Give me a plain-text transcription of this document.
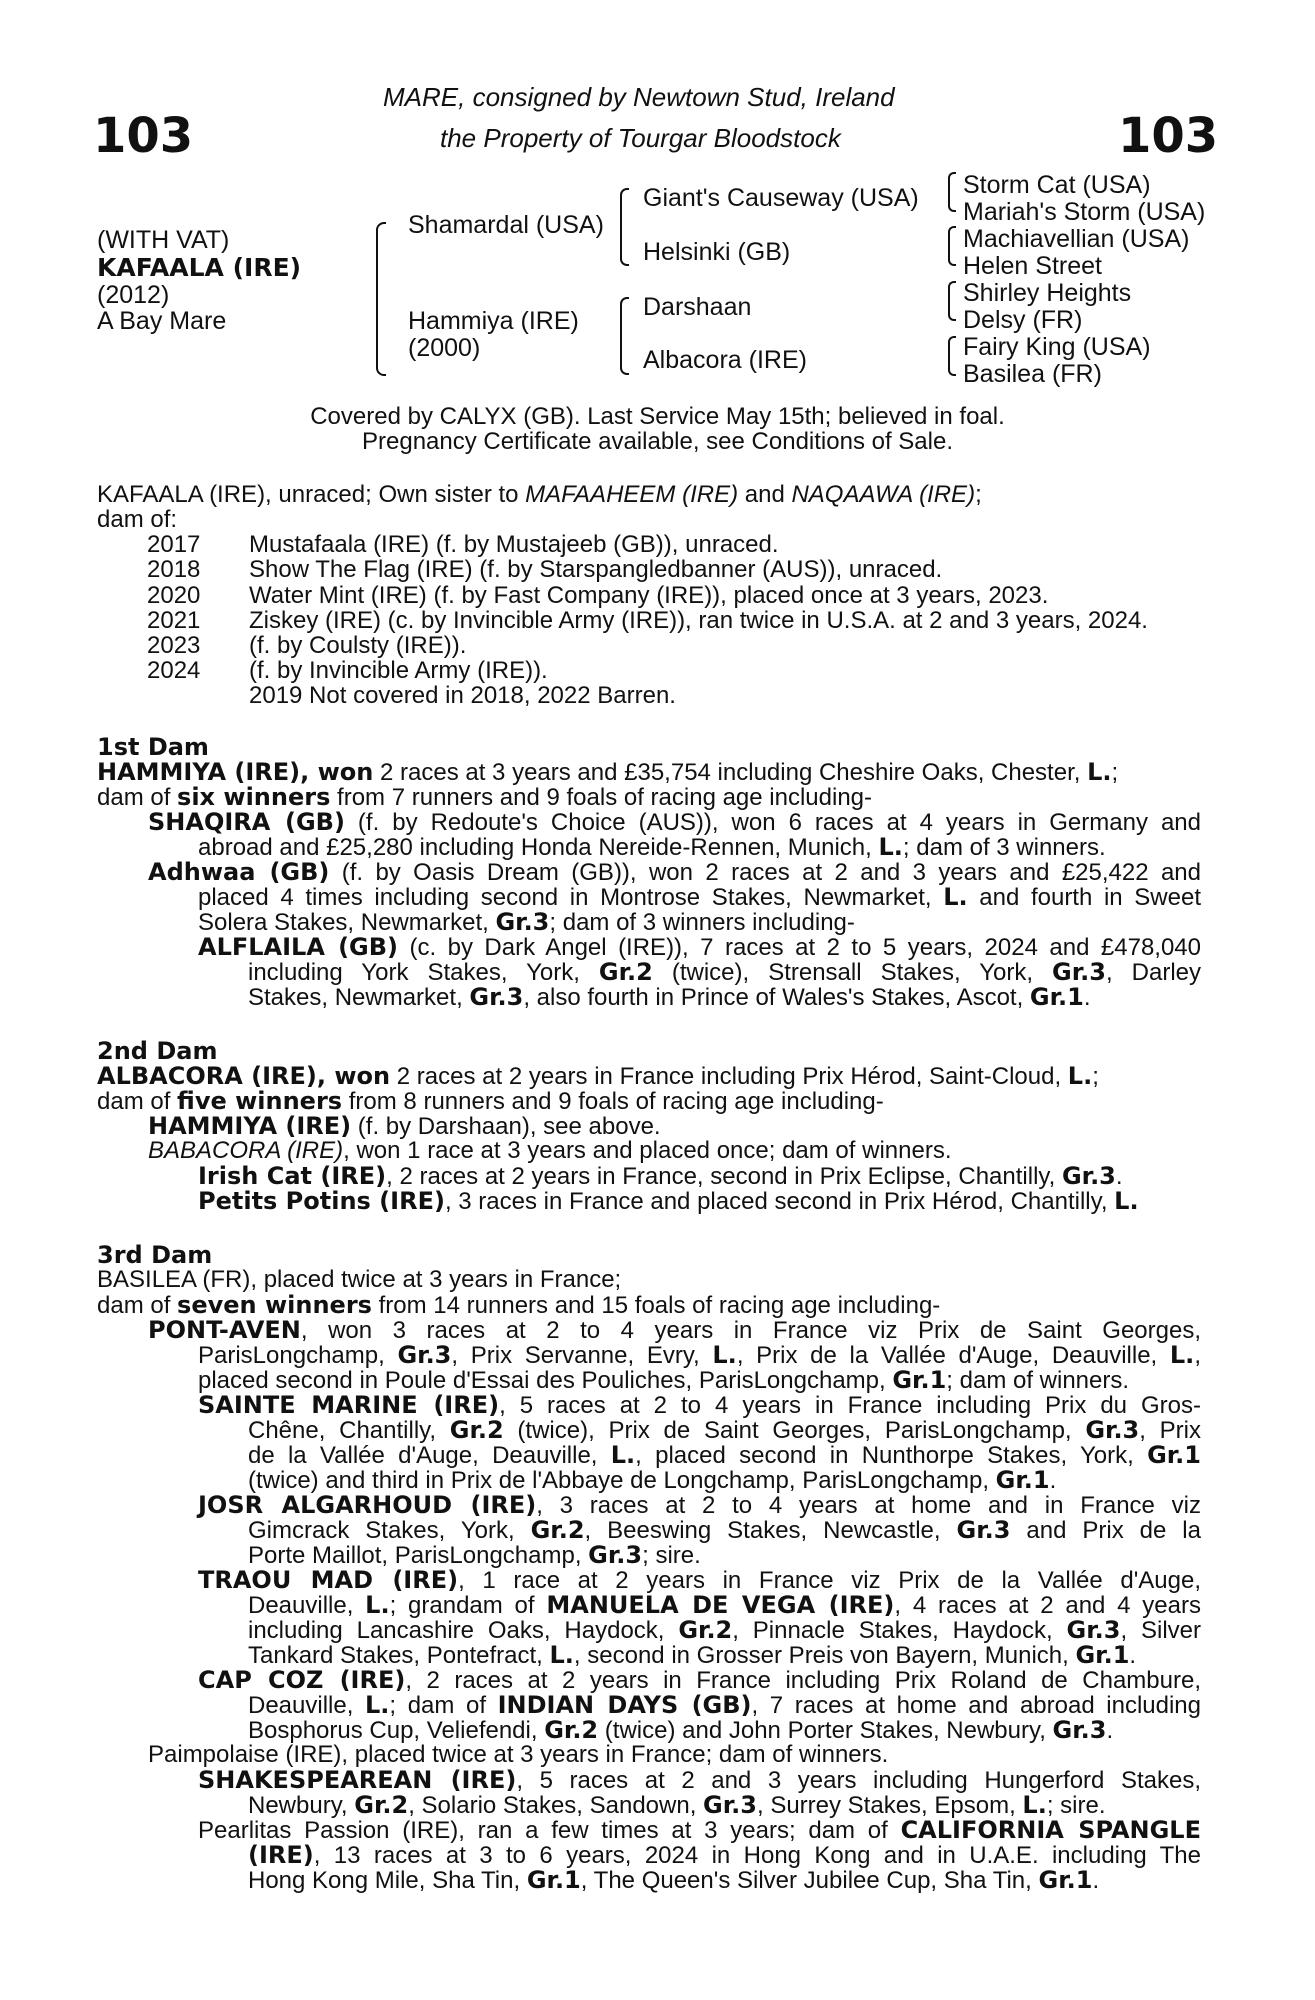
103	103
MARE, consigned by Newtown Stud, Ireland
the Property of Tourgar Bloodstock
(WITH VAT)
KAFAALA (IRE)
(2012)
A Bay Mare
Shamardal (USA)
Hammiya (IRE)
(2000)
Giant's Causeway (USA)
Helsinki (GB)
Darshaan
Albacora (IRE)
Storm Cat (USA)
Mariah's Storm (USA)
Machiavellian (USA)
Helen Street
Shirley Heights
Delsy (FR)
Fairy King (USA)
Basilea (FR)
Covered by CALYX (GB). Last Service May 15th; believed in foal.
Pregnancy Certificate available, see Conditions of Sale.
KAFAALA (IRE), unraced; Own sister to MAFAAHEEM (IRE) and NAQAAWA (IRE);
dam of:
2017 Mustafaala (IRE) (f. by Mustajeeb (GB)), unraced.
2018 Show The Flag (IRE) (f. by Starspangledbanner (AUS)), unraced.
2020 Water Mint (IRE) (f. by Fast Company (IRE)), placed once at 3 years, 2023.
2021 Ziskey (IRE) (c. by Invincible Army (IRE)), ran twice in U.S.A. at 2 and 3 years, 2024.
2023 (f. by Coulsty (IRE)).
2024 (f. by Invincible Army (IRE)).
2019 Not covered in 2018, 2022 Barren.
1st Dam
HAMMIYA (IRE), won 2 races at 3 years and £35,754 including Cheshire Oaks, Chester, L.;
dam of six winners from 7 runners and 9 foals of racing age including-
SHAQIRA (GB) (f. by Redoute's Choice (AUS)), won 6 races at 4 years in Germany and
abroad and £25,280 including Honda Nereide-Rennen, Munich, L.; dam of 3 winners.
Adhwaa (GB) (f. by Oasis Dream (GB)), won 2 races at 2 and 3 years and £25,422 and
placed 4 times including second in Montrose Stakes, Newmarket, L. and fourth in Sweet
Solera Stakes, Newmarket, Gr.3; dam of 3 winners including-
ALFLAILA (GB) (c. by Dark Angel (IRE)), 7 races at 2 to 5 years, 2024 and £478,040
including York Stakes, York, Gr.2 (twice), Strensall Stakes, York, Gr.3, Darley
Stakes, Newmarket, Gr.3, also fourth in Prince of Wales's Stakes, Ascot, Gr.1.
2nd Dam
ALBACORA (IRE), won 2 races at 2 years in France including Prix Hérod, Saint-Cloud, L.;
dam of five winners from 8 runners and 9 foals of racing age including-
HAMMIYA (IRE) (f. by Darshaan), see above.
BABACORA (IRE), won 1 race at 3 years and placed once; dam of winners.
Irish Cat (IRE), 2 races at 2 years in France, second in Prix Eclipse, Chantilly, Gr.3.
Petits Potins (IRE), 3 races in France and placed second in Prix Hérod, Chantilly, L.
3rd Dam
BASILEA (FR), placed twice at 3 years in France;
dam of seven winners from 14 runners and 15 foals of racing age including-
PONT-AVEN, won 3 races at 2 to 4 years in France viz Prix de Saint Georges,
ParisLongchamp, Gr.3, Prix Servanne, Evry, L., Prix de la Vallée d'Auge, Deauville, L.,
placed second in Poule d'Essai des Pouliches, ParisLongchamp, Gr.1; dam of winners.
SAINTE MARINE (IRE), 5 races at 2 to 4 years in France including Prix du Gros-
Chêne, Chantilly, Gr.2 (twice), Prix de Saint Georges, ParisLongchamp, Gr.3, Prix
de la Vallée d'Auge, Deauville, L., placed second in Nunthorpe Stakes, York, Gr.1
(twice) and third in Prix de l'Abbaye de Longchamp, ParisLongchamp, Gr.1.
JOSR ALGARHOUD (IRE), 3 races at 2 to 4 years at home and in France viz
Gimcrack Stakes, York, Gr.2, Beeswing Stakes, Newcastle, Gr.3 and Prix de la
Porte Maillot, ParisLongchamp, Gr.3; sire.
TRAOU MAD (IRE), 1 race at 2 years in France viz Prix de la Vallée d'Auge,
Deauville, L.; grandam of MANUELA DE VEGA (IRE), 4 races at 2 and 4 years
including Lancashire Oaks, Haydock, Gr.2, Pinnacle Stakes, Haydock, Gr.3, Silver
Tankard Stakes, Pontefract, L., second in Grosser Preis von Bayern, Munich, Gr.1.
CAP COZ (IRE), 2 races at 2 years in France including Prix Roland de Chambure,
Deauville, L.; dam of INDIAN DAYS (GB), 7 races at home and abroad including
Bosphorus Cup, Veliefendi, Gr.2 (twice) and John Porter Stakes, Newbury, Gr.3.
Paimpolaise (IRE), placed twice at 3 years in France; dam of winners.
SHAKESPEAREAN (IRE), 5 races at 2 and 3 years including Hungerford Stakes,
Newbury, Gr.2, Solario Stakes, Sandown, Gr.3, Surrey Stakes, Epsom, L.; sire.
Pearlitas Passion (IRE), ran a few times at 3 years; dam of CALIFORNIA SPANGLE
(IRE), 13 races at 3 to 6 years, 2024 in Hong Kong and in U.A.E. including The
Hong Kong Mile, Sha Tin, Gr.1, The Queen's Silver Jubilee Cup, Sha Tin, Gr.1.
